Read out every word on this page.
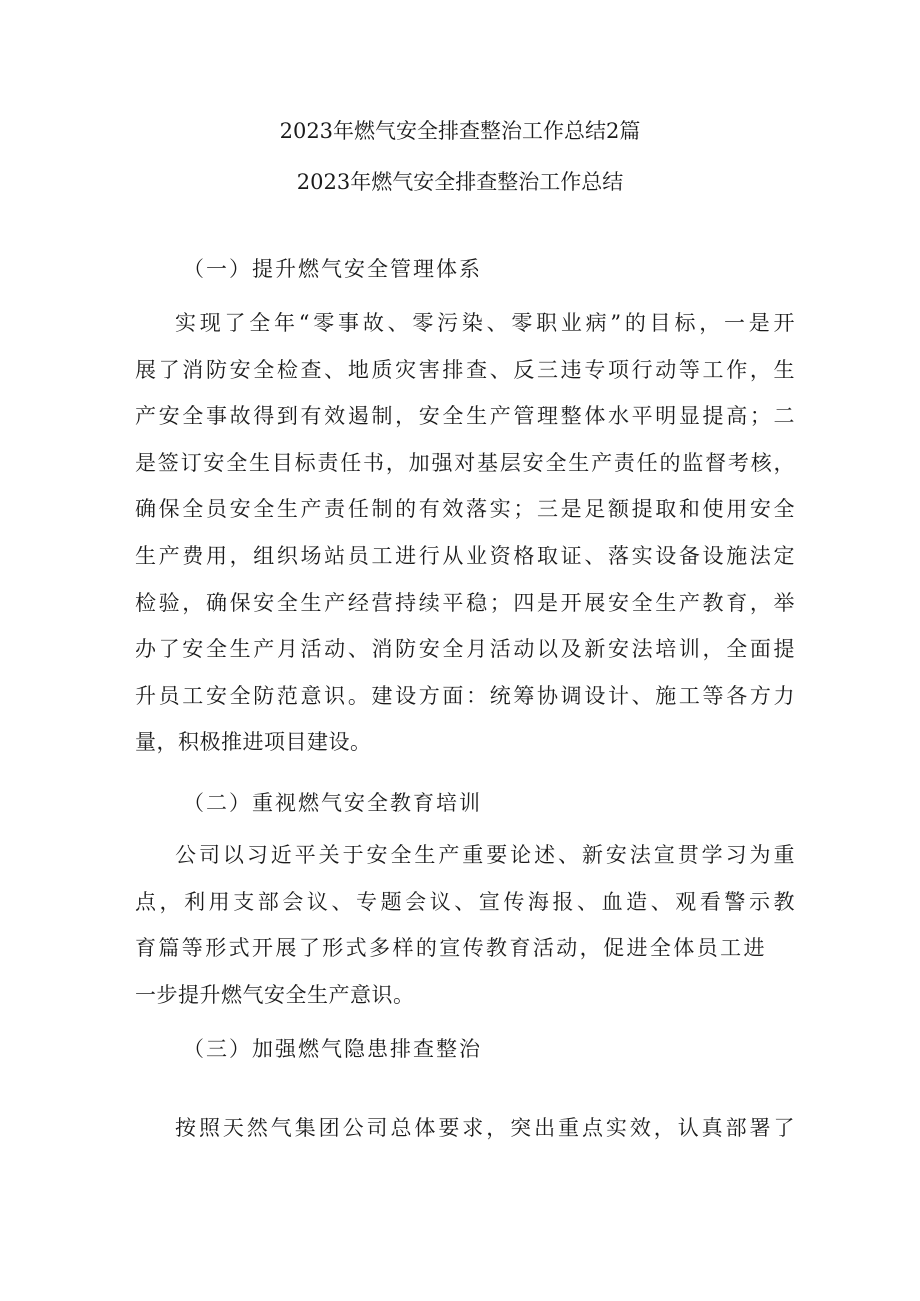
2023年燃气安全排查整治工作总结2篇
2023年燃气安全排查整治工作总结
（一）提升燃气安全管理体系
实现了全年“零事故、零污染、零职业病”的目标，一是开
展了消防安全检查、地质灾害排查、反三违专项行动等工作，生
产安全事故得到有效遏制，安全生产管理整体水平明显提高；二
是签订安全生目标责任书，加强对基层安全生产责任的监督考核，
确保全员安全生产责任制的有效落实；三是足额提取和使用安全
生产费用，组织场站员工进行从业资格取证、落实设备设施法定
检验，确保安全生产经营持续平稳；四是开展安全生产教育，举
办了安全生产月活动、消防安全月活动以及新安法培训，全面提
升员工安全防范意识。建设方面：统筹协调设计、施工等各方力
量，积极推进项目建设。
（二）重视燃气安全教育培训
公司以习近平关于安全生产重要论述、新安法宣贯学习为重
点，利用支部会议、专题会议、宣传海报、血造、观看警示教
育篇等形式开展了形式多样的宣传教育活动，促进全体员工进
一步提升燃气安全生产意识。
（三）加强燃气隐患排查整治
按照天然气集团公司总体要求，突出重点实效，认真部署了
